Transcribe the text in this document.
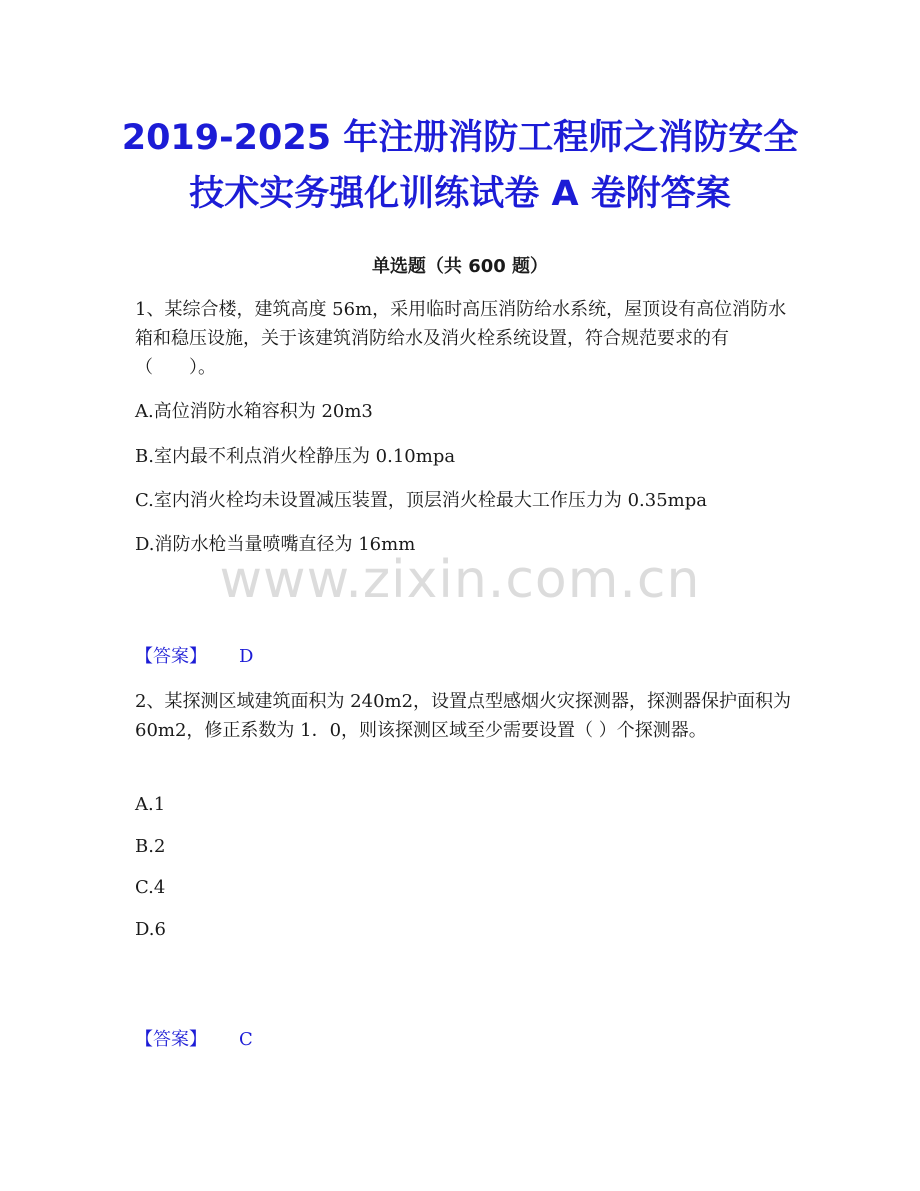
2019-2025 年注册消防工程师之消防安全
技术实务强化训练试卷 A 卷附答案
单选题（共 600 题）
1、某综合楼，建筑高度 56m，采用临时高压消防给水系统，屋顶设有高位消防水箱和稳压设施，关于该建筑消防给水及消火栓系统设置，符合规范要求的有（　　）。
A.高位消防水箱容积为 20m3
B.室内最不利点消火栓静压为 0.10mpa
C.室内消火栓均未设置减压装置，顶层消火栓最大工作压力为 0.35mpa
D.消防水枪当量喷嘴直径为 16mm
www.zixin.com.cn
【答案】 D
2、某探测区域建筑面积为 240m2，设置点型感烟火灾探测器，探测器保护面积为 60m2，修正系数为 1．0，则该探测区域至少需要设置（ ）个探测器。
A.1
B.2
C.4
D.6
【答案】 C
